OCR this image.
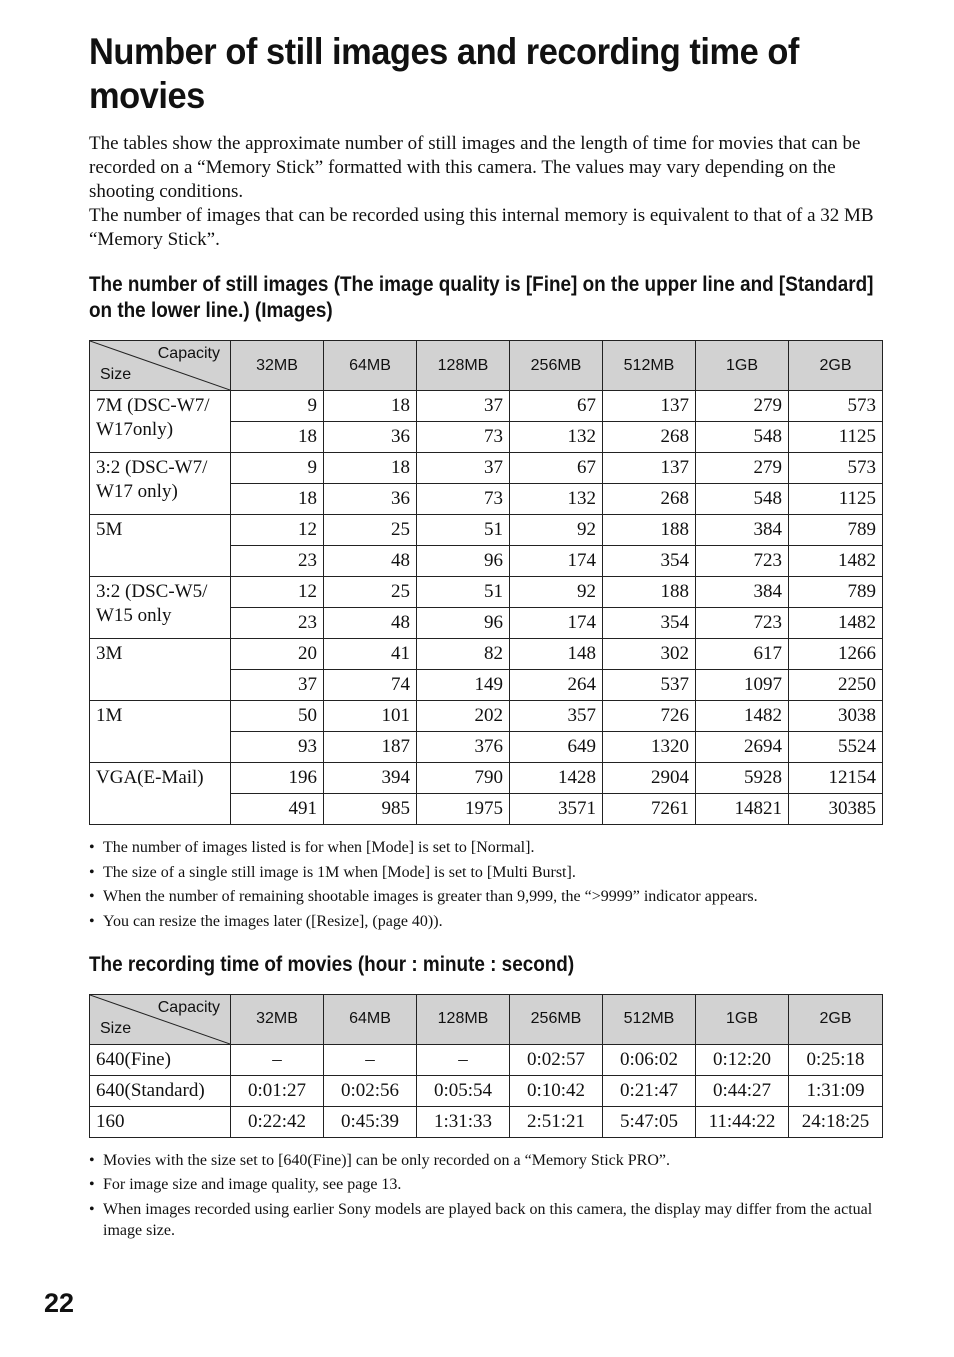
Number of still images and recording time of movies

The tables show the approximate number of still images and the length of time for movies that can be recorded on a “Memory Stick” formatted with this camera. The values may vary depending on the shooting conditions.

The number of images that can be recorded using this internal memory is equivalent to that of a 32 MB “Memory Stick”.

The number of still images (The image quality is [Fine] on the upper line and [Standard] on the lower line.) (Images)
Capacity
Size	32MB	64MB	128MB	256MB	512MB	1GB	2GB
7M (DSC-W7/ W17only)	9	18	37	67	137	279	573
	18	36	73	132	268	548	1125
3:2 (DSC-W7/ W17 only)	9	18	37	67	137	279	573
	18	36	73	132	268	548	1125
5M	12	25	51	92	188	384	789
	23	48	96	174	354	723	1482
3:2 (DSC-W5/ W15 only	12	25	51	92	188	384	789
	23	48	96	174	354	723	1482
3M	20	41	82	148	302	617	1266
	37	74	149	264	537	1097	2250
1M	50	101	202	357	726	1482	3038
	93	187	376	649	1320	2694	5524
VGA(E-Mail)	196	394	790	1428	2904	5928	12154
	491	985	1975	3571	7261	14821	30385
• The number of images listed is for when [Mode] is set to [Normal].
• The size of a single still image is 1M when [Mode] is set to [Multi Burst].
• When the number of remaining shootable images is greater than 9,999, the “>9999” indicator appears.
• You can resize the images later ([Resize], (page 40)).
The recording time of movies (hour : minute : second)
Capacity
Size	32MB	64MB	128MB	256MB	512MB	1GB	2GB
640(Fine)	–	–	–	0:02:57	0:06:02	0:12:20	0:25:18
640(Standard)	0:01:27	0:02:56	0:05:54	0:10:42	0:21:47	0:44:27	1:31:09
160	0:22:42	0:45:39	1:31:33	2:51:21	5:47:05	11:44:22	24:18:25
• Movies with the size set to [640(Fine)] can be only recorded on a “Memory Stick PRO”.
• For image size and image quality, see page 13.
• When images recorded using earlier Sony models are played back on this camera, the display may differ from the actual image size.
22
